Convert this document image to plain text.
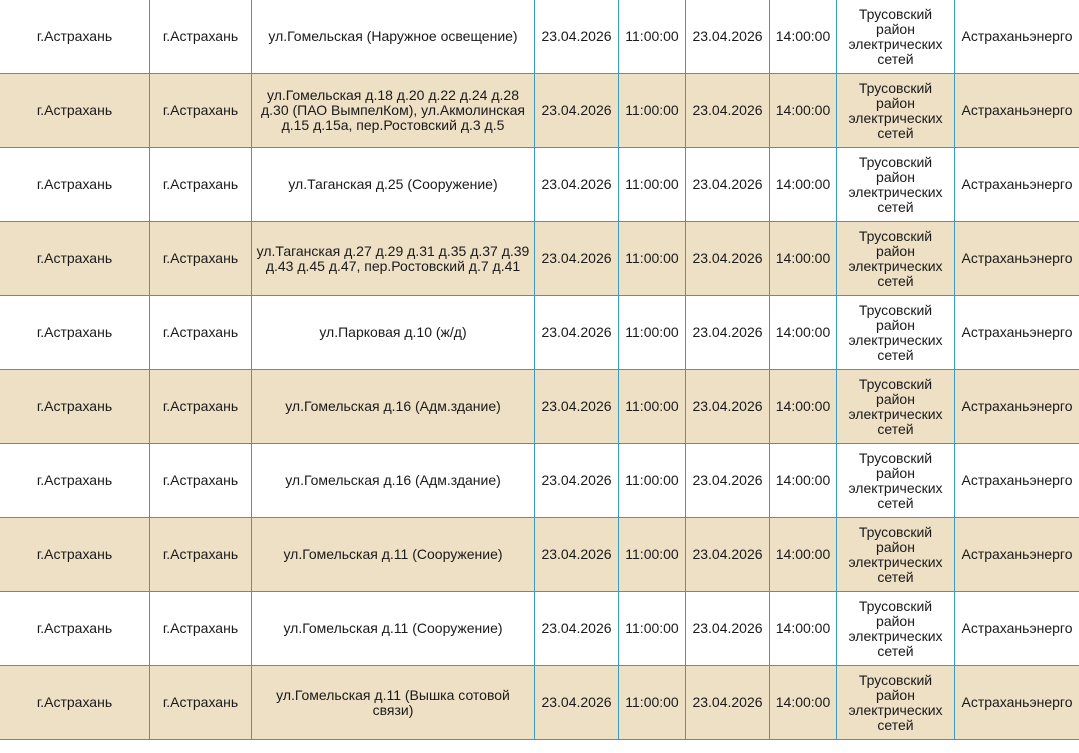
г.Астрахань	г.Астрахань	ул.Гомельская (Наружное освещение)	23.04.2026	11:00:00	23.04.2026	14:00:00	Трусовский район электрических сетей	Астраханьэнерго
г.Астрахань	г.Астрахань	ул.Гомельская д.18 д.20 д.22 д.24 д.28 д.30 (ПАО ВымпелКом), ул.Акмолинская д.15 д.15а, пер.Ростовский д.3 д.5	23.04.2026	11:00:00	23.04.2026	14:00:00	Трусовский район электрических сетей	Астраханьэнерго
г.Астрахань	г.Астрахань	ул.Таганская д.25 (Сооружение)	23.04.2026	11:00:00	23.04.2026	14:00:00	Трусовский район электрических сетей	Астраханьэнерго
г.Астрахань	г.Астрахань	ул.Таганская д.27 д.29 д.31 д.35 д.37 д.39 д.43 д.45 д.47, пер.Ростовский д.7 д.41	23.04.2026	11:00:00	23.04.2026	14:00:00	Трусовский район электрических сетей	Астраханьэнерго
г.Астрахань	г.Астрахань	ул.Парковая д.10 (ж/д)	23.04.2026	11:00:00	23.04.2026	14:00:00	Трусовский район электрических сетей	Астраханьэнерго
г.Астрахань	г.Астрахань	ул.Гомельская д.16 (Адм.здание)	23.04.2026	11:00:00	23.04.2026	14:00:00	Трусовский район электрических сетей	Астраханьэнерго
г.Астрахань	г.Астрахань	ул.Гомельская д.16 (Адм.здание)	23.04.2026	11:00:00	23.04.2026	14:00:00	Трусовский район электрических сетей	Астраханьэнерго
г.Астрахань	г.Астрахань	ул.Гомельская д.11 (Сооружение)	23.04.2026	11:00:00	23.04.2026	14:00:00	Трусовский район электрических сетей	Астраханьэнерго
г.Астрахань	г.Астрахань	ул.Гомельская д.11 (Сооружение)	23.04.2026	11:00:00	23.04.2026	14:00:00	Трусовский район электрических сетей	Астраханьэнерго
г.Астрахань	г.Астрахань	ул.Гомельская д.11 (Вышка сотовой связи)	23.04.2026	11:00:00	23.04.2026	14:00:00	Трусовский район электрических сетей	Астраханьэнерго
